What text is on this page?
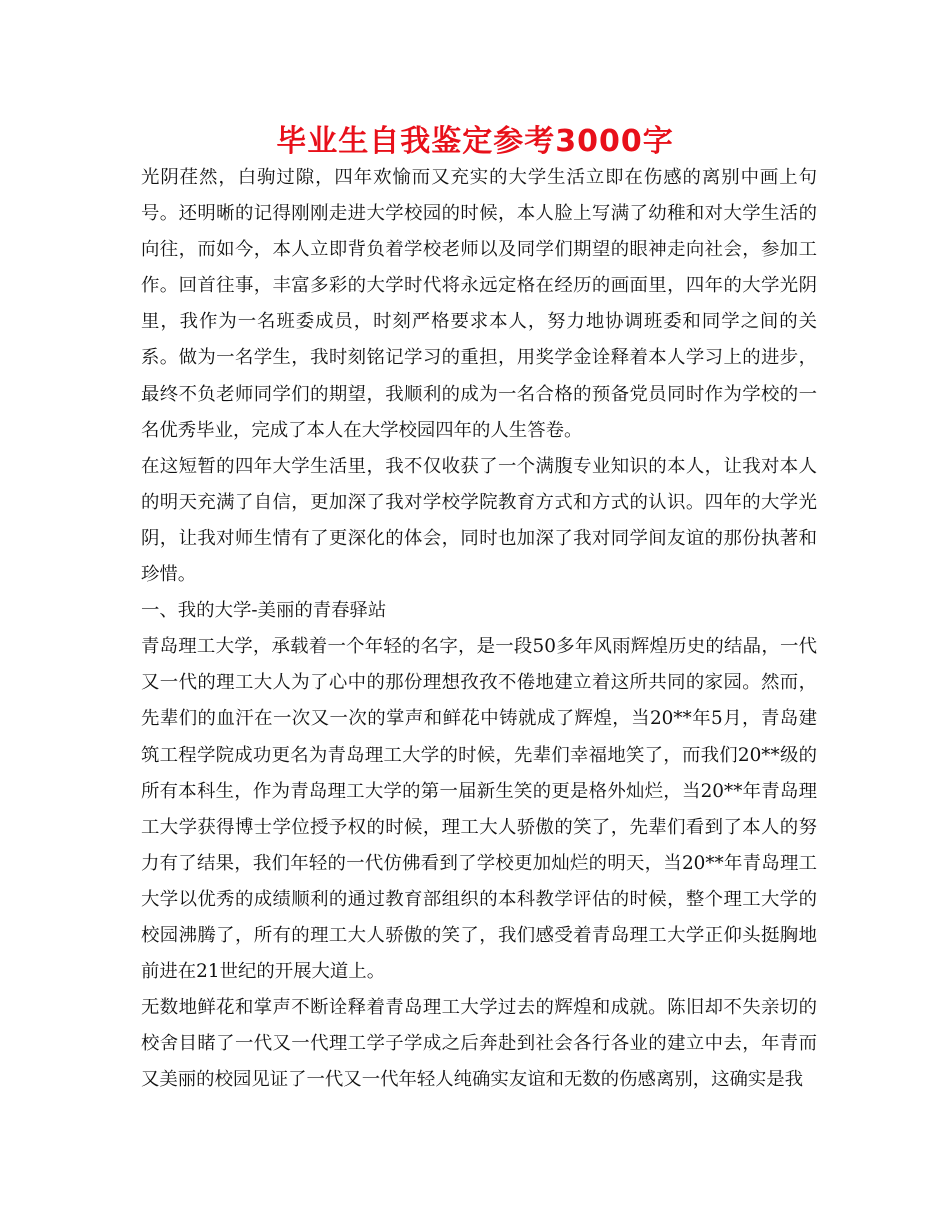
毕业生自我鉴定参考3000字

光阴荏然，白驹过隙，四年欢愉而又充实的大学生活立即在伤感的离别中画上句号。还明晰的记得刚刚走进大学校园的时候，本人脸上写满了幼稚和对大学生活的向往，而如今，本人立即背负着学校老师以及同学们期望的眼神走向社会，参加工作。回首往事，丰富多彩的大学时代将永远定格在经历的画面里，四年的大学光阴里，我作为一名班委成员，时刻严格要求本人，努力地协调班委和同学之间的关系。做为一名学生，我时刻铭记学习的重担，用奖学金诠释着本人学习上的进步，最终不负老师同学们的期望，我顺利的成为一名合格的预备党员同时作为学校的一名优秀毕业，完成了本人在大学校园四年的人生答卷。

在这短暂的四年大学生活里，我不仅收获了一个满腹专业知识的本人，让我对本人的明天充满了自信，更加深了我对学校学院教育方式和方式的认识。四年的大学光阴，让我对师生情有了更深化的体会，同时也加深了我对同学间友谊的那份执著和珍惜。

一、我的大学-美丽的青春驿站

青岛理工大学，承载着一个年轻的名字，是一段50多年风雨辉煌历史的结晶，一代又一代的理工大人为了心中的那份理想孜孜不倦地建立着这所共同的家园。然而，先辈们的血汗在一次又一次的掌声和鲜花中铸就成了辉煌，当20**年5月，青岛建筑工程学院成功更名为青岛理工大学的时候，先辈们幸福地笑了，而我们20**级的所有本科生，作为青岛理工大学的第一届新生笑的更是格外灿烂，当20**年青岛理工大学获得博士学位授予权的时候，理工大人骄傲的笑了，先辈们看到了本人的努力有了结果，我们年轻的一代仿佛看到了学校更加灿烂的明天，当20**年青岛理工大学以优秀的成绩顺利的通过教育部组织的本科教学评估的时候，整个理工大学的校园沸腾了，所有的理工大人骄傲的笑了，我们感受着青岛理工大学正仰头挺胸地前进在21世纪的开展大道上。

无数地鲜花和掌声不断诠释着青岛理工大学过去的辉煌和成就。陈旧却不失亲切的校舍目睹了一代又一代理工学子学成之后奔赴到社会各行各业的建立中去，年青而又美丽的校园见证了一代又一代年轻人纯确实友谊和无数的伤感离别，这确实是我
